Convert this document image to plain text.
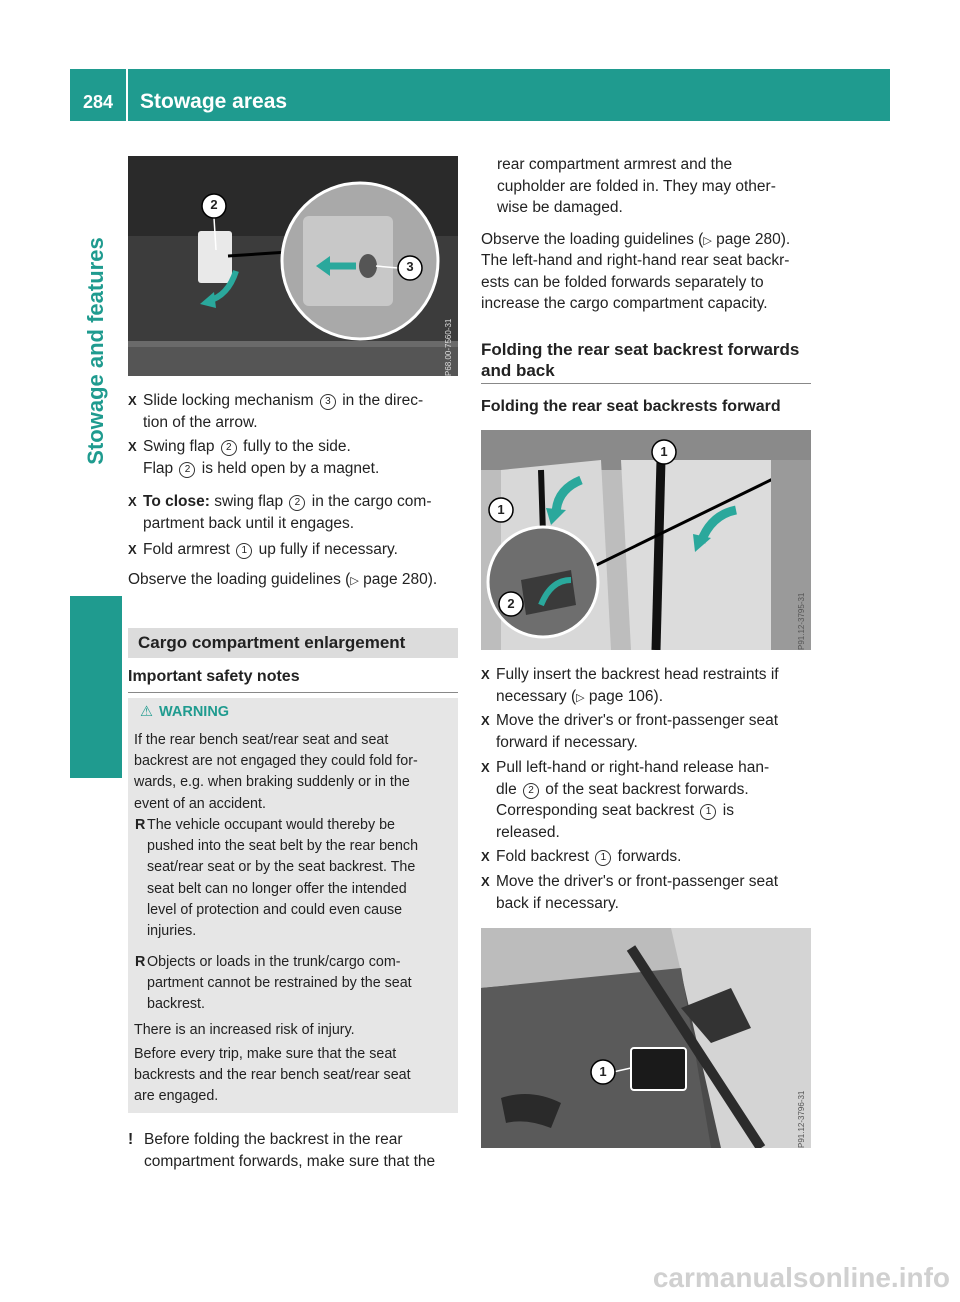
284	Stowage areas
Stowage and features
2
3
P68.00-7560-31
X Slide locking mechanism 3 in the direc-
tion of the arrow.
X Swing flap 2 fully to the side.
Flap 2 is held open by a magnet.
X To close: swing flap 2 in the cargo com-
partment back until it engages.
X Fold armrest 1 up fully if necessary.
Observe the loading guidelines (▷ page 280).
Cargo compartment enlargement
Important safety notes
⚠ WARNING
If the rear bench seat/rear seat and seat
backrest are not engaged they could fold for-
wards, e.g. when braking suddenly or in the
event of an accident.
R The vehicle occupant would thereby be
pushed into the seat belt by the rear bench
seat/rear seat or by the seat backrest. The
seat belt can no longer offer the intended
level of protection and could even cause
injuries.
R Objects or loads in the trunk/cargo com-
partment cannot be restrained by the seat
backrest.
There is an increased risk of injury.
Before every trip, make sure that the seat
backrests and the rear bench seat/rear seat
are engaged.
! Before folding the backrest in the rear
compartment forwards, make sure that the
rear compartment armrest and the
cupholder are folded in. They may other-
wise be damaged.
Observe the loading guidelines (▷ page 280).
The left-hand and right-hand rear seat backr-
ests can be folded forwards separately to
increase the cargo compartment capacity.
Folding the rear seat backrest forwards
and back
Folding the rear seat backrests forward
1
1
2	P91.12-3795-31
X Fully insert the backrest head restraints if
necessary (▷ page 106).
X Move the driver's or front-passenger seat
forward if necessary.
X Pull left-hand or right-hand release han-
dle 2 of the seat backrest forwards.
Corresponding seat backrest 1 is
released.
X Fold backrest 1 forwards.
X Move the driver's or front-passenger seat
back if necessary.
1
P91.12-3796-31
carmanualsonline.info
